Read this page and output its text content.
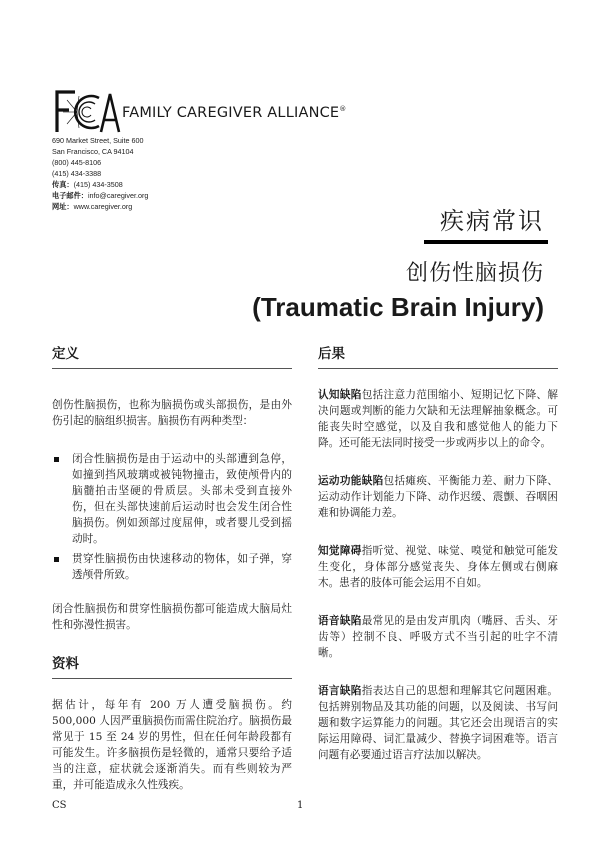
FAMILY CAREGIVER ALLIANCE®
690 Market Street, Suite 600
San Francisco, CA 94104
(800) 445-8106
(415) 434-3388
传真：(415) 434-3508
电子邮件：info@caregiver.org
网址：www.caregiver.org
疾病常识
创伤性脑损伤
(Traumatic Brain Injury)
定义

创伤性脑损伤，也称为脑损伤或头部损伤，是由外伤引起的脑组织损害。脑损伤有两种类型：

闭合性脑损伤是由于运动中的头部遭到急停，如撞到挡风玻璃或被钝物撞击，致使颅骨内的脑髓拍击坚硬的骨质层。头部未受到直接外伤，但在头部快速前后运动时也会发生闭合性脑损伤。例如颈部过度屈伸，或者婴儿受到摇动时。
贯穿性脑损伤由快速移动的物体，如子弹，穿透颅骨所致。

闭合性脑损伤和贯穿性脑损伤都可能造成大脑局灶性和弥漫性损害。

资料

据估计，每年有 200 万人遭受脑损伤。约 500,000 人因严重脑损伤而需住院治疗。脑损伤最常见于 15 至 24 岁的男性，但在任何年龄段都有可能发生。许多脑损伤是轻微的，通常只要给予适当的注意，症状就会逐渐消失。而有些则较为严重，并可能造成永久性残疾。

后果

认知缺陷包括注意力范围缩小、短期记忆下降、解决问题或判断的能力欠缺和无法理解抽象概念。可能丧失时空感觉，以及自我和感觉他人的能力下降。还可能无法同时接受一步或两步以上的命令。

运动功能缺陷包括瘫痪、平衡能力差、耐力下降、运动动作计划能力下降、动作迟缓、震颤、吞咽困难和协调能力差。

知觉障碍指听觉、视觉、味觉、嗅觉和触觉可能发生变化，身体部分感觉丧失、身体左侧或右侧麻木。患者的肢体可能会运用不自如。

语音缺陷最常见的是由发声肌肉（嘴唇、舌头、牙齿等）控制不良、呼吸方式不当引起的吐字不清晰。

语言缺陷指表达自己的思想和理解其它问题困难。包括辨别物品及其功能的问题，以及阅读、书写问题和数字运算能力的问题。其它还会出现语言的实际运用障碍、词汇量减少、替换字词困难等。语言问题有必要通过语言疗法加以解决。

CS	1
